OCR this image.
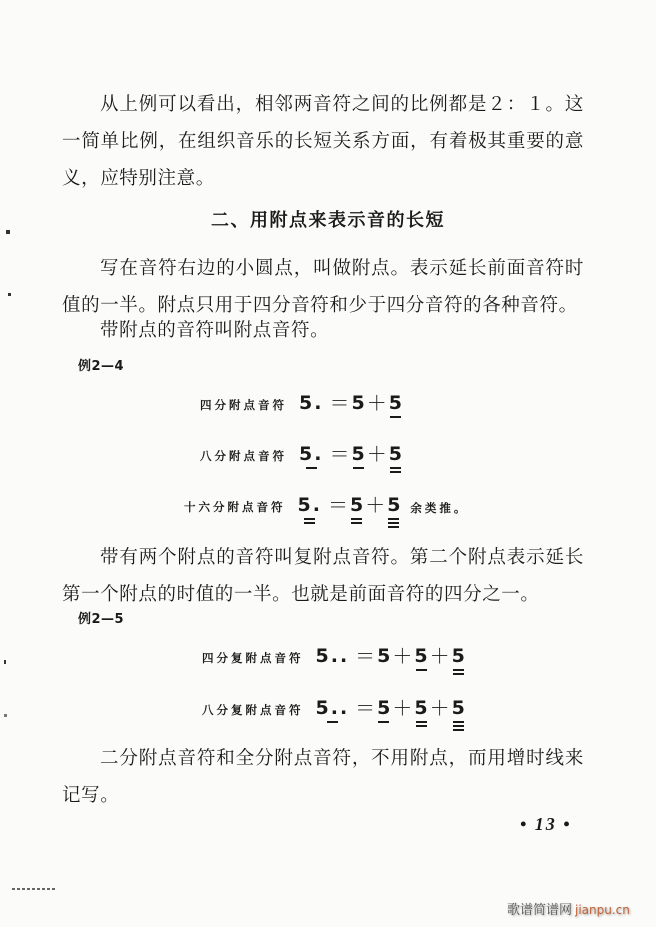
从上例可以看出，相邻两音符之间的比例都是２：１。这一简单比例，在组织音乐的长短关系方面，有着极其重要的意义，应特别注意。
二、用附点来表示音的长短
写在音符右边的小圆点，叫做附点。表示延长前面音符时值的一半。附点只用于四分音符和少于四分音符的各种音符。
带附点的音符叫附点音符。
例2—4
四分附点音符 5. ＝ 5 ＋ 5
八分附点音符 5. ＝ 5 ＋ 5
十六分附点音符 5. ＝ 5 ＋ 5 余类推。
带有两个附点的音符叫复附点音符。第二个附点表示延长第一个附点的时值的一半。也就是前面音符的四分之一。
例2—5
四分复附点音符 5.. ＝ 5 ＋ 5 ＋ 5
八分复附点音符 5.. ＝ 5 ＋ 5 ＋ 5
二分附点音符和全分附点音符，不用附点，而用增时线来记写。
• 13 •
歌谱简谱网 jianpu.cn
